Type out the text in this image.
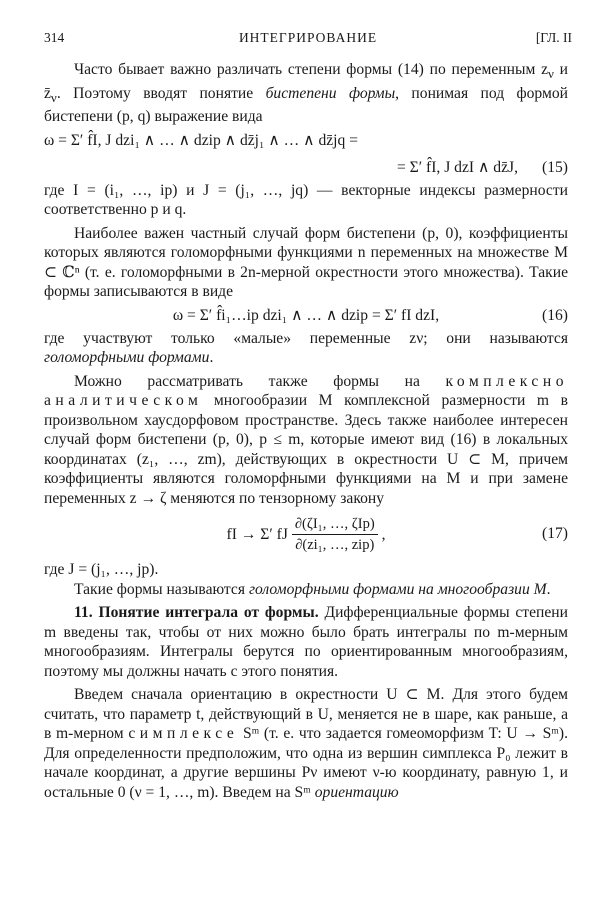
314	ИНТЕГРИРОВАНИЕ	[ГЛ. II

Часто бывает важно различать степени формы (14) по переменным $z_\nu$ и $z̄_\nu$. Поэтому вводят понятие бистепени формы, понимая под формой бистепени (p, q) выражение вида

ω = Σ′ f̂I, J dzi₁ ∧ … ∧ dzip ∧ dz̄j₁ ∧ … ∧ dz̄jq =
= Σ′ f̂I, J dzI ∧ dz̄J, (15)

где I = (i₁, …, ip) и J = (j₁, …, jq) — векторные индексы размерности соответственно p и q.

Наиболее важен частный случай форм бистепени (p, 0), коэффициенты которых являются голоморфными функциями n переменных на множестве M ⊂ ℂⁿ (т. е. голоморфными в 2n-мерной окрестности этого множества). Такие формы записываются в виде

ω = Σ′ f̂i₁…ip dzi₁ ∧ … ∧ dzip = Σ′ fI dzI,	(16)

где участвуют только «малые» переменные zν; они называются голоморфными формами.

Можно рассматривать также формы на комплексно аналитическом многообразии M комплексной размерности m в произвольном хаусдорфовом пространстве. Здесь также наиболее интересен случай форм бистепени (p, 0), p ≤ m, которые имеют вид (16) в локальных координатах (z₁, …, zm), действующих в окрестности U ⊂ M, причем коэффициенты являются голоморфными функциями на M и при замене переменных z → ζ меняются по тензорному закону

fI → Σ′ fJ
∂(ζI₁, …, ζIp)
∂(zi₁, …, zip)
,	(17)

где J = (j₁, …, jp).

Такие формы называются голоморфными формами на многообразии M.

11. Понятие интеграла от формы. Дифференциальные формы степени m введены так, чтобы от них можно было брать интегралы по m-мерным многообразиям. Интегралы берутся по ориентированным многообразиям, поэтому мы должны начать с этого понятия.

Введем сначала ориентацию в окрестности U ⊂ M. Для этого будем считать, что параметр t, действующий в U, меняется не в шаре, как раньше, а в m-мерном симплексе Sᵐ (т. е. что задается гомеоморфизм T: U → Sᵐ). Для определенности предположим, что одна из вершин симплекса P₀ лежит в начале координат, а другие вершины Pν имеют ν-ю координату, равную 1, и остальные 0 (ν = 1, …, m). Введем на Sᵐ ориентацию
